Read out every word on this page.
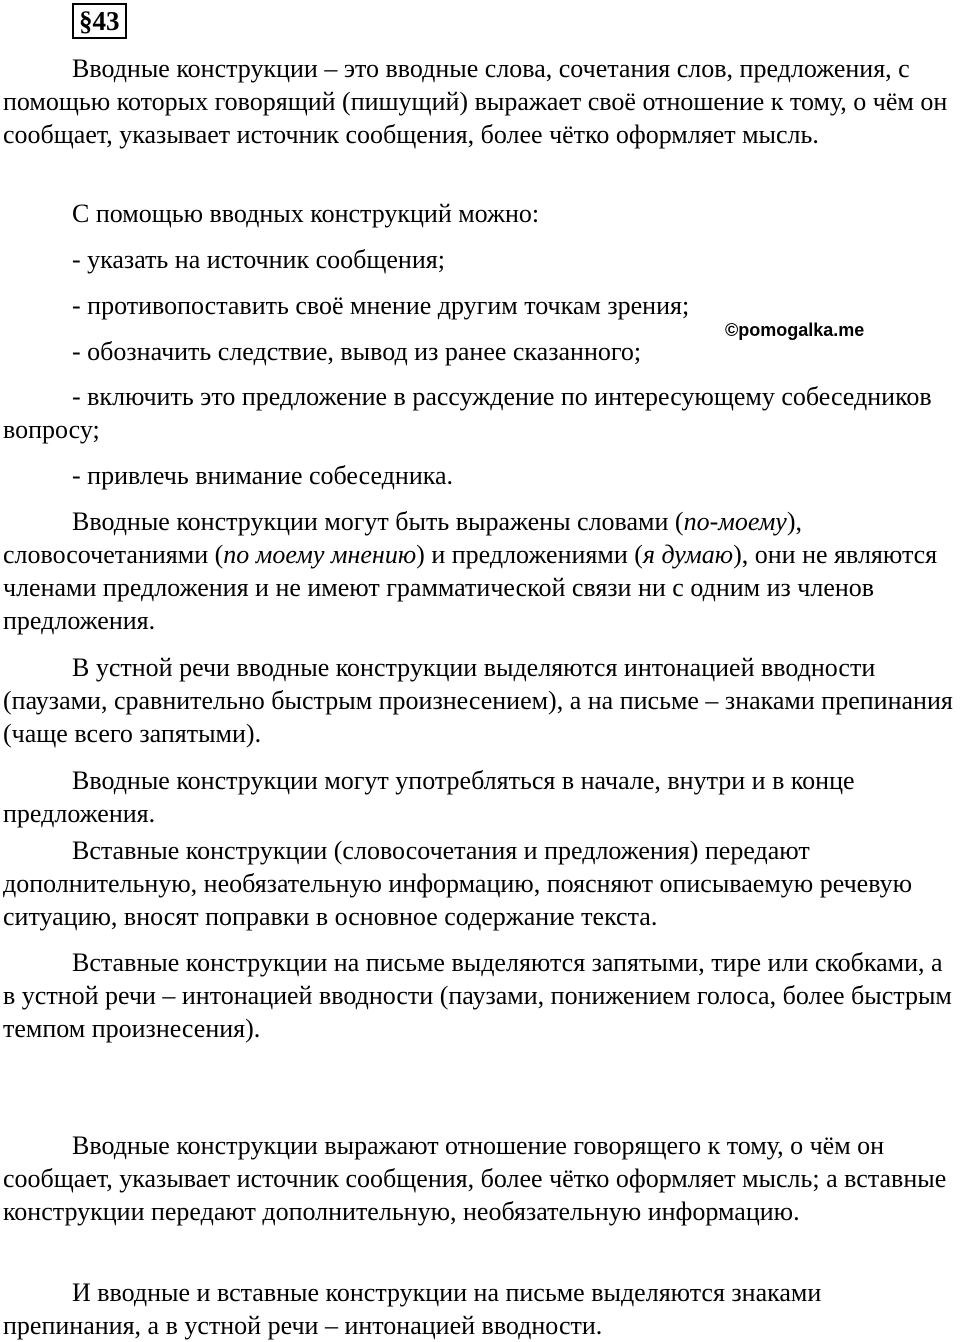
§43

Вводные конструкции – это вводные слова, сочетания слов, предложения, с помощью которых говорящий (пишущий) выражает своё отношение к тому, о чём он сообщает, указывает источник сообщения, более чётко оформляет мысль.

С помощью вводных конструкций можно:

- указать на источник сообщения;

- противопоставить своё мнение другим точкам зрения;

- обозначить следствие, вывод из ранее сказанного;

- включить это предложение в рассуждение по интересующему собеседников вопросу;

- привлечь внимание собеседника.

Вводные конструкции могут быть выражены словами (по-моему), словосочетаниями (по моему мнению) и предложениями (я думаю), они не являются членами предложения и не имеют грамматической связи ни с одним из членов предложения.

В устной речи вводные конструкции выделяются интонацией вводности (паузами, сравнительно быстрым произнесением), а на письме – знаками препинания (чаще всего запятыми).

Вводные конструкции могут употребляться в начале, внутри и в конце предложения.

Вставные конструкции (словосочетания и предложения) передают дополнительную, необязательную информацию, поясняют описываемую речевую ситуацию, вносят поправки в основное содержание текста.

Вставные конструкции на письме выделяются запятыми, тире или скобками, а в устной речи – интонацией вводности (паузами, понижением голоса, более быстрым темпом произнесения).

Вводные конструкции выражают отношение говорящего к тому, о чём он сообщает, указывает источник сообщения, более чётко оформляет мысль; а вставные конструкции передают дополнительную, необязательную информацию.

И вводные и вставные конструкции на письме выделяются знаками препинания, а в устной речи – интонацией вводности.

©pomogalka.me
